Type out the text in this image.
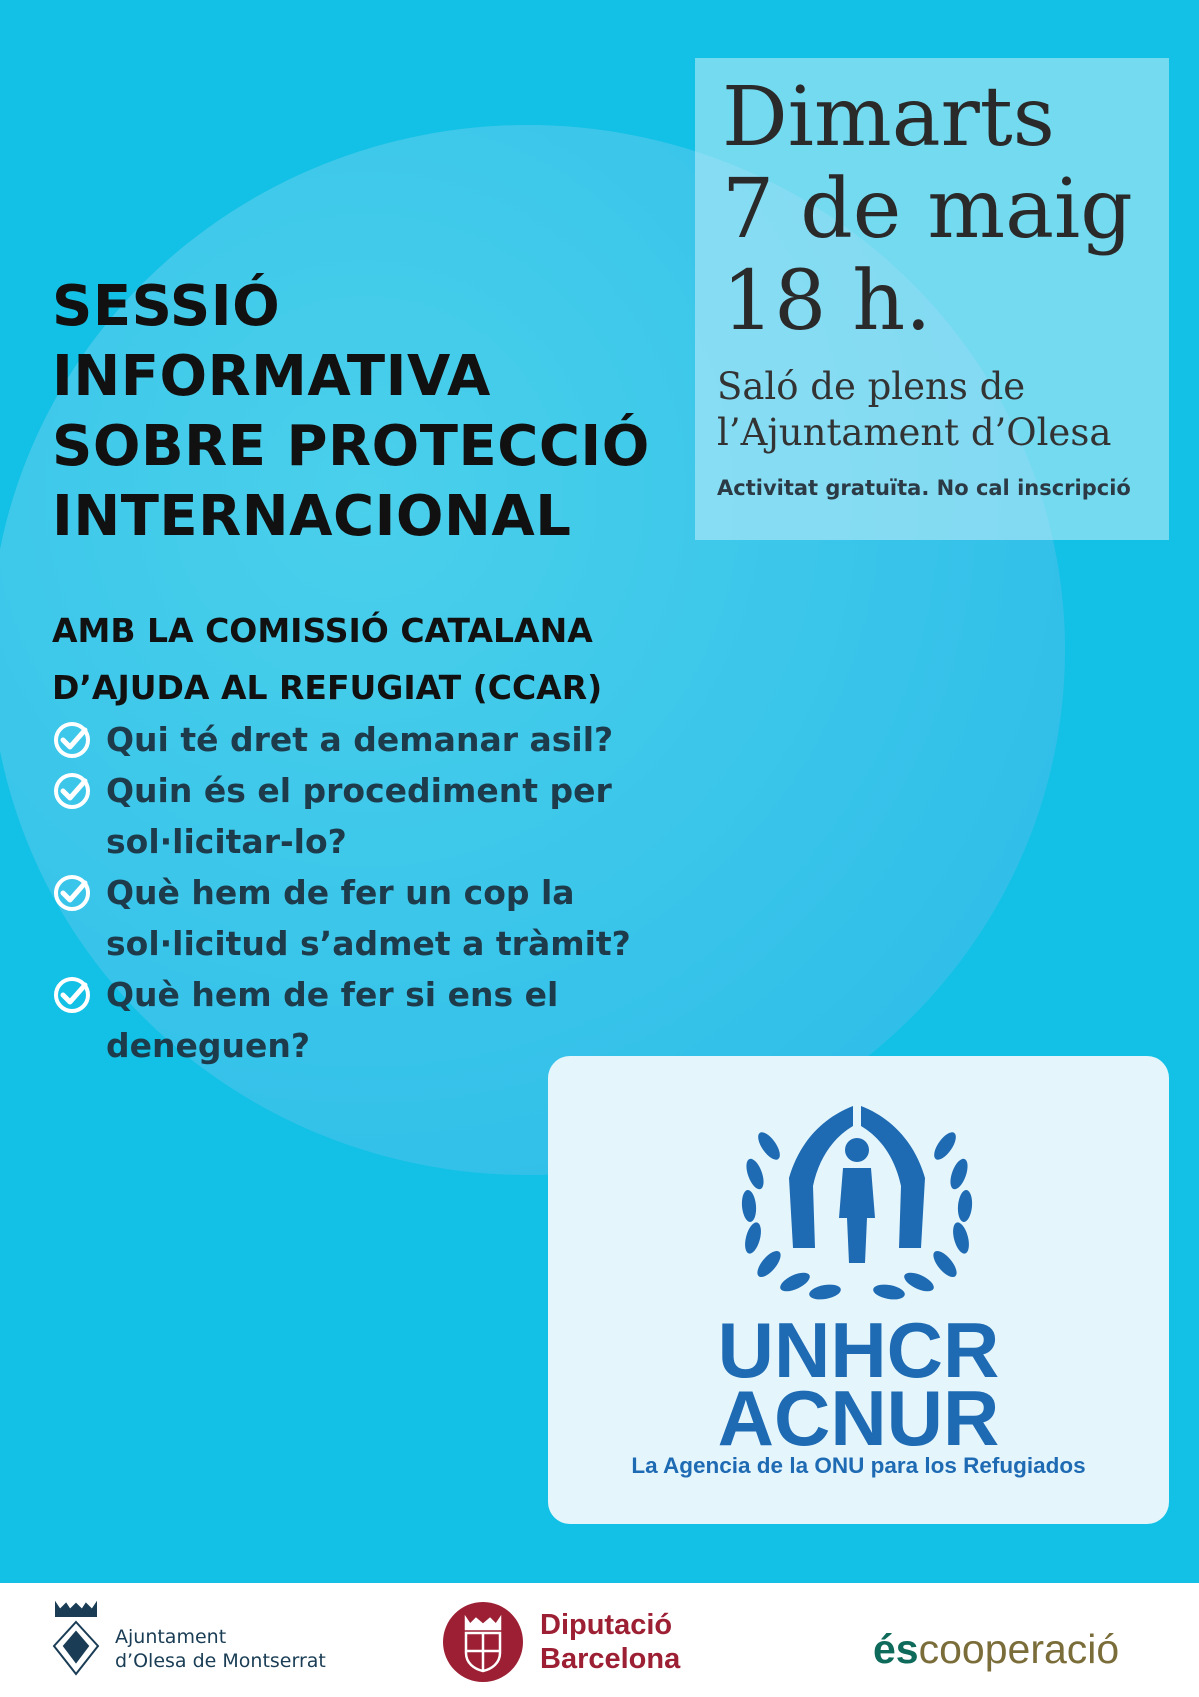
SESSIÓ
INFORMATIVA
SOBRE PROTECCIÓ
INTERNACIONAL
AMB LA COMISSIÓ CATALANA
D’AJUDA AL REFUGIAT (CCAR)
Qui té dret a demanar asil?
Quin és el procediment per
sol·licitar-lo?
Què hem de fer un cop la
sol·licitud s’admet a tràmit?
Què hem de fer si ens el
deneguen?
Dimarts
7 de maig
18 h.

Saló de plens de
l’Ajuntament d’Olesa

Activitat gratuïta. No cal inscripció
UNHCR
ACNUR
La Agencia de la ONU para los Refugiados
Ajuntament
d’Olesa de Montserrat
Diputació
Barcelona	éscooperació
